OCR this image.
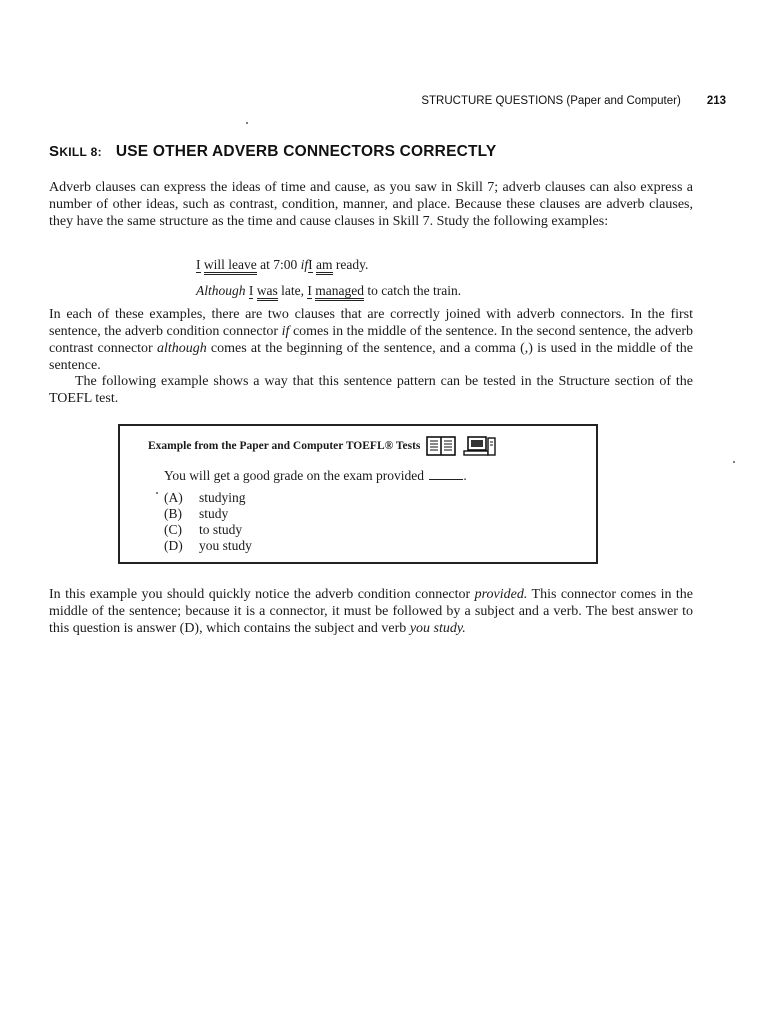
STRUCTURE QUESTIONS (Paper and Computer) 213
SKILL 8: USE OTHER ADVERB CONNECTORS CORRECTLY

Adverb clauses can express the ideas of time and cause, as you saw in Skill 7; adverb clauses can also express a number of other ideas, such as contrast, condition, manner, and place. Because these clauses are adverb clauses, they have the same structure as the time and cause clauses in Skill 7. Study the following examples:

I will leave at 7:00 ifI am ready.
Although I was late, I managed to catch the train.

In each of these examples, there are two clauses that are correctly joined with adverb connectors. In the first sentence, the adverb condition connector if comes in the middle of the sentence. In the second sentence, the adverb contrast connector although comes at the beginning of the sentence, and a comma (,) is used in the middle of the sentence.

The following example shows a way that this sentence pattern can be tested in the Structure section of the TOEFL test.

Example from the Paper and Computer TOEFL® Tests
You will get a good grade on the exam provided	.
(A)	studying
(B)	study
(C)	to study
(D)	you study

In this example you should quickly notice the adverb condition connector provided. This connector comes in the middle of the sentence; because it is a connector, it must be followed by a subject and a verb. The best answer to this question is answer (D), which contains the subject and verb you study.
